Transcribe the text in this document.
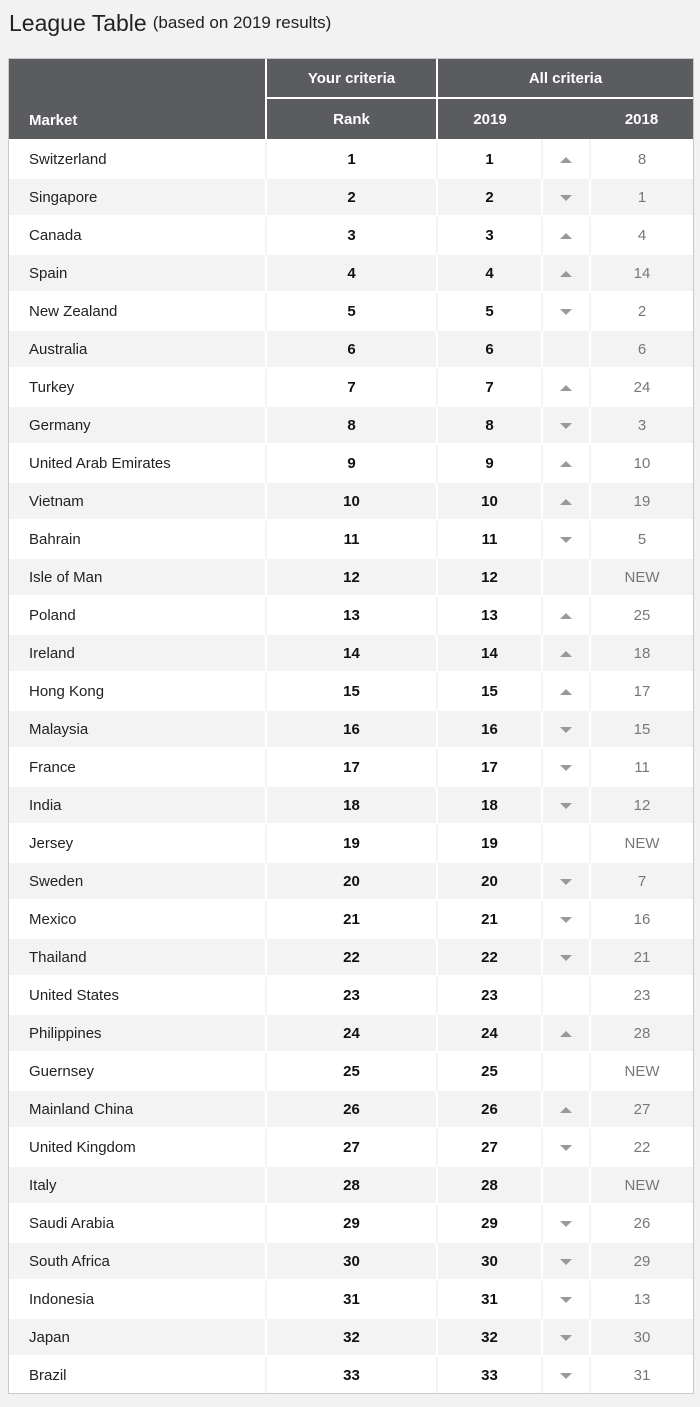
League Table (based on 2019 results)
Market	Your criteria	All criteria		
	Rank	2019		2018
Switzerland	1	1		8
Singapore	2	2		1
Canada	3	3		4
Spain	4	4		14
New Zealand	5	5		2
Australia	6	6		6
Turkey	7	7		24
Germany	8	8		3
United Arab Emirates	9	9		10
Vietnam	10	10		19
Bahrain	11	11		5
Isle of Man	12	12		NEW
Poland	13	13		25
Ireland	14	14		18
Hong Kong	15	15		17
Malaysia	16	16		15
France	17	17		11
India	18	18		12
Jersey	19	19		NEW
Sweden	20	20		7
Mexico	21	21		16
Thailand	22	22		21
United States	23	23		23
Philippines	24	24		28
Guernsey	25	25		NEW
Mainland China	26	26		27
United Kingdom	27	27		22
Italy	28	28		NEW
Saudi Arabia	29	29		26
South Africa	30	30		29
Indonesia	31	31		13
Japan	32	32		30
Brazil	33	33		31
